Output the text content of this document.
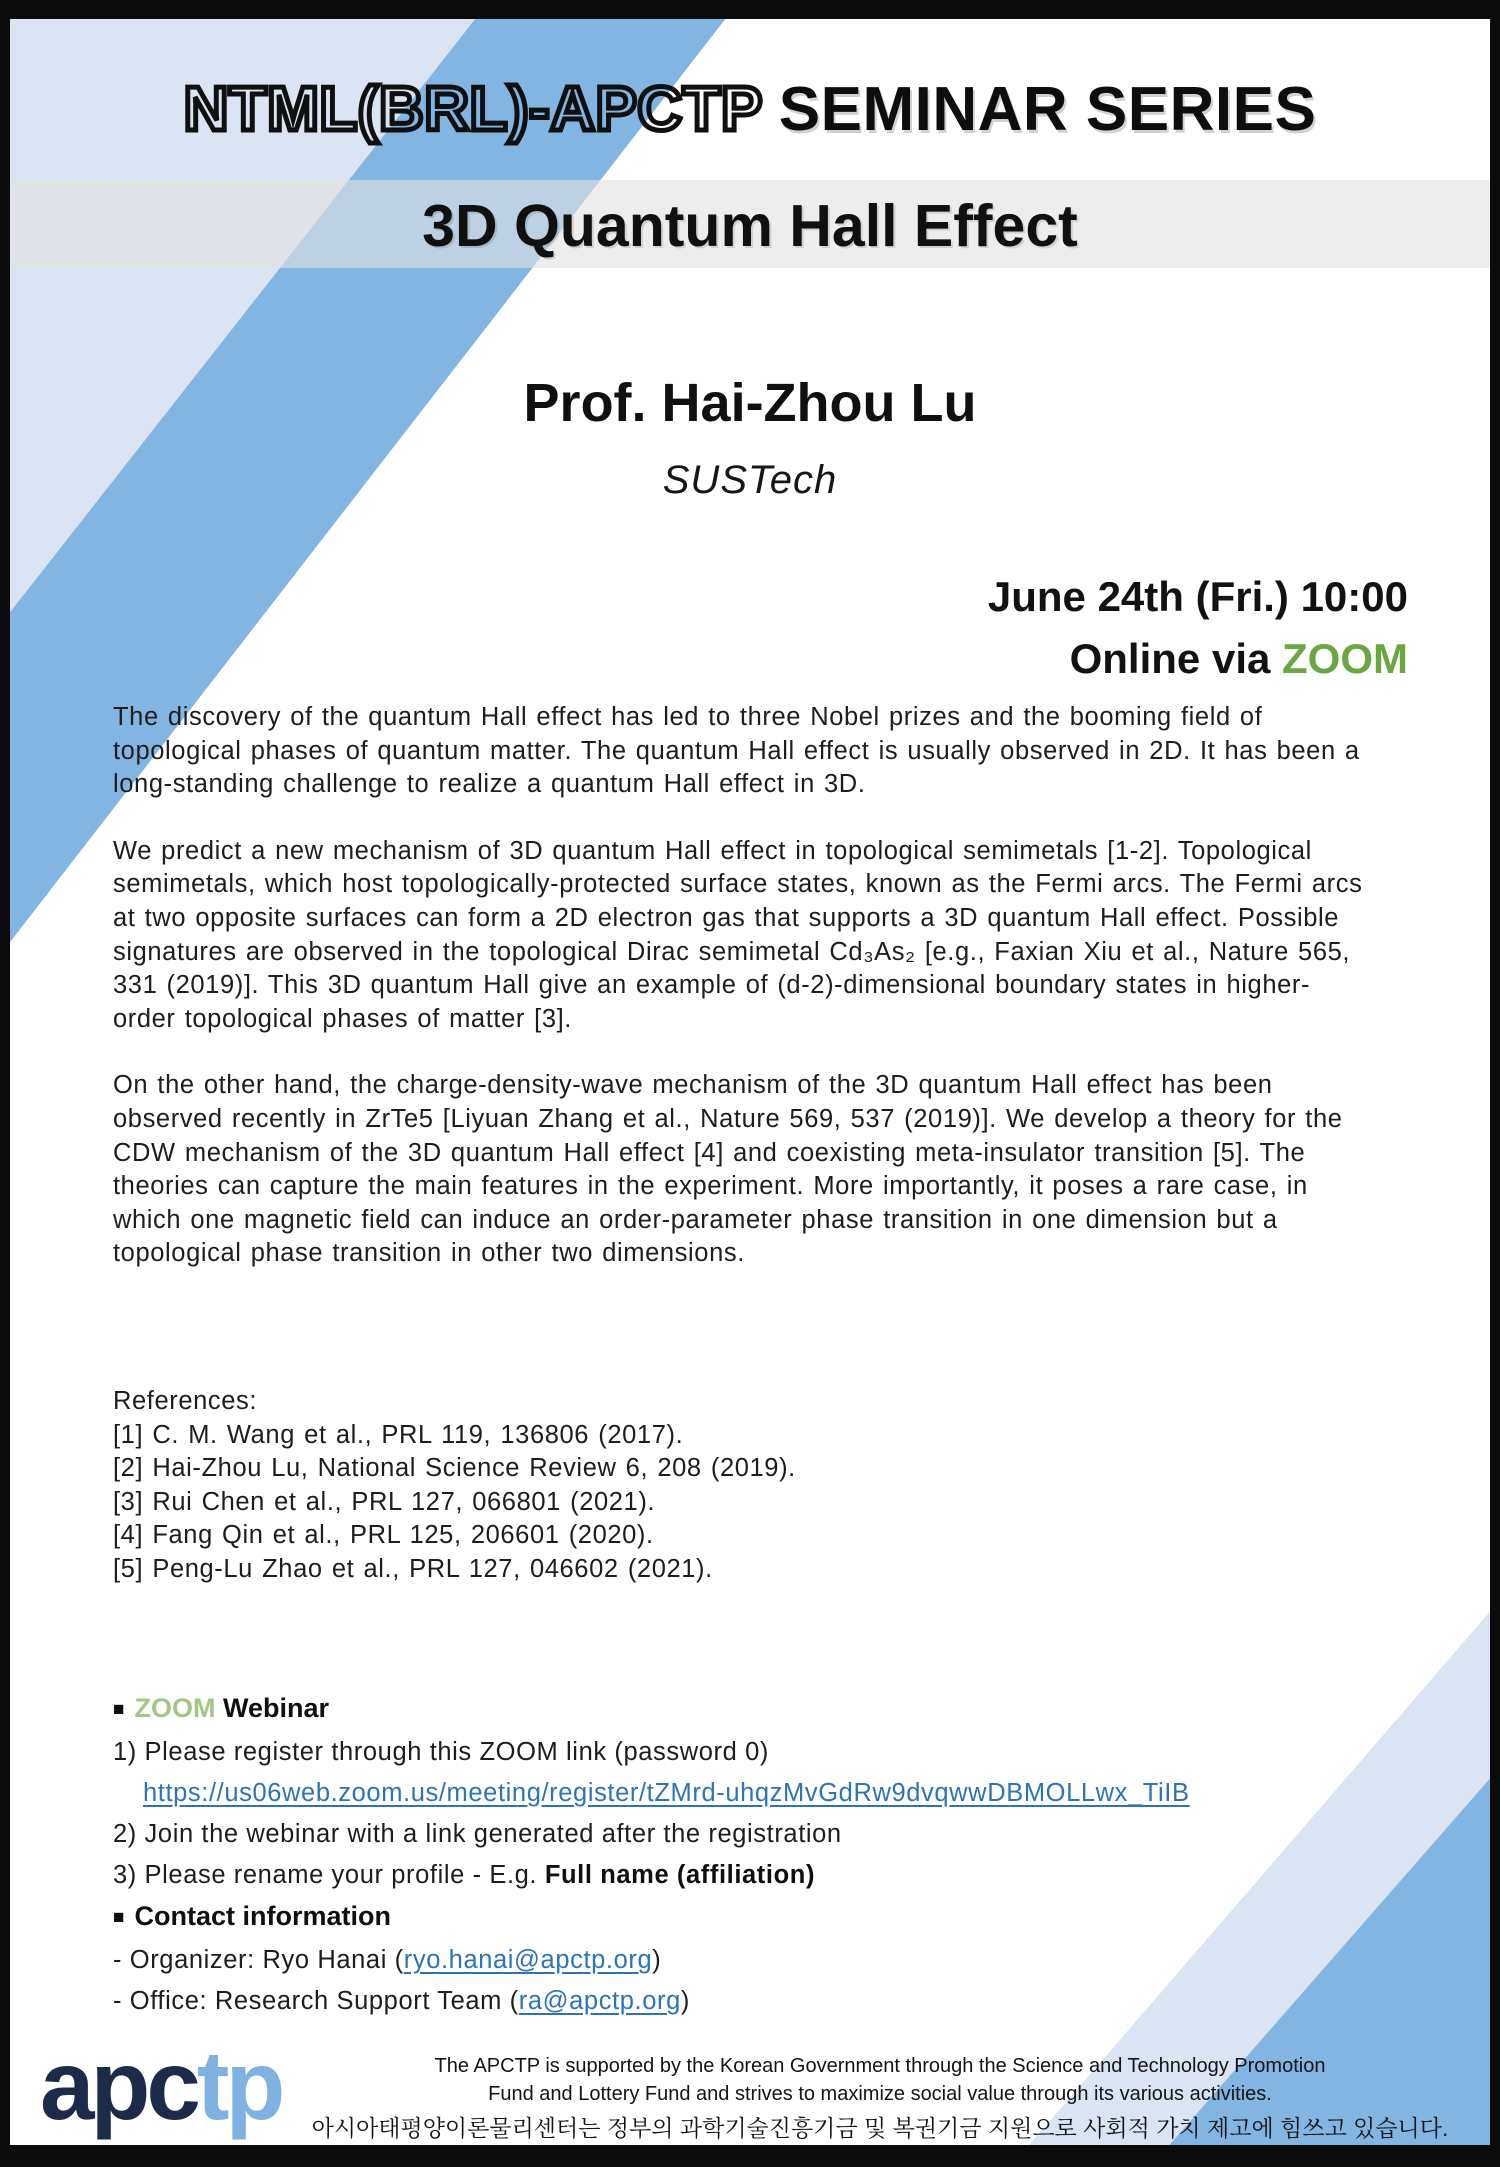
NTML(BRL)-APCTP SEMINAR SERIES
3D Quantum Hall Effect
Prof. Hai-Zhou Lu
SUSTech
June 24th (Fri.) 10:00
Online via ZOOM

The discovery of the quantum Hall effect has led to three Nobel prizes and the booming field of topological phases of quantum matter. The quantum Hall effect is usually observed in 2D. It has been a long-standing challenge to realize a quantum Hall effect in 3D.

We predict a new mechanism of 3D quantum Hall effect in topological semimetals [1-2]. Topological semimetals, which host topologically-protected surface states, known as the Fermi arcs. The Fermi arcs at two opposite surfaces can form a 2D electron gas that supports a 3D quantum Hall effect. Possible signatures are observed in the topological Dirac semimetal Cd₃As₂ [e.g., Faxian Xiu et al., Nature 565, 331 (2019)]. This 3D quantum Hall give an example of (d-2)-dimensional boundary states in higher-order topological phases of matter [3].

On the other hand, the charge-density-wave mechanism of the 3D quantum Hall effect has been observed recently in ZrTe5 [Liyuan Zhang et al., Nature 569, 537 (2019)]. We develop a theory for the CDW mechanism of the 3D quantum Hall effect [4] and coexisting meta-insulator transition [5]. The theories can capture the main features in the experiment. More importantly, it poses a rare case, in which one magnetic field can induce an order-parameter phase transition in one dimension but a topological phase transition in other two dimensions.

References:
[1] C. M. Wang et al., PRL 119, 136806 (2017).
[2] Hai-Zhou Lu, National Science Review 6, 208 (2019).
[3] Rui Chen et al., PRL 127, 066801 (2021).
[4] Fang Qin et al., PRL 125, 206601 (2020).
[5] Peng-Lu Zhao et al., PRL 127, 046602 (2021).
■ ZOOM Webinar
1) Please register through this ZOOM link (password 0)
https://us06web.zoom.us/meeting/register/tZMrd-uhqzMvGdRw9dvqwwDBMOLLwx_TiIB
2) Join the webinar with a link generated after the registration
3) Please rename your profile - E.g. Full name (affiliation)
■ Contact information
- Organizer: Ryo Hanai (ryo.hanai@apctp.org)
- Office: Research Support Team (ra@apctp.org)
apctp	The APCTP is supported by the Korean Government through the Science and Technology Promotion
Fund and Lottery Fund and strives to maximize social value through its various activities.
아시아태평양이론물리센터는 정부의 과학기술진흥기금 및 복권기금 지원으로 사회적 가치 제고에 힘쓰고 있습니다.
